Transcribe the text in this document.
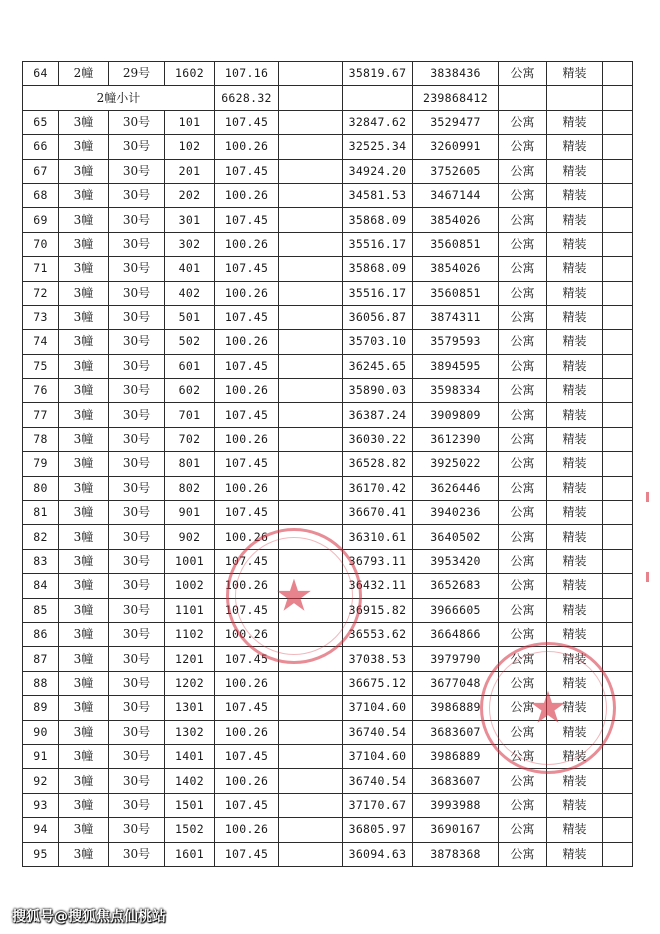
64	2幢	29号	1602	107.16		35819.67	3838436	公寓	精装	
2幢小计				6628.32			239868412			
65	3幢	30号	101	107.45		32847.62	3529477	公寓	精装	
66	3幢	30号	102	100.26		32525.34	3260991	公寓	精装	
67	3幢	30号	201	107.45		34924.20	3752605	公寓	精装	
68	3幢	30号	202	100.26		34581.53	3467144	公寓	精装	
69	3幢	30号	301	107.45		35868.09	3854026	公寓	精装	
70	3幢	30号	302	100.26		35516.17	3560851	公寓	精装	
71	3幢	30号	401	107.45		35868.09	3854026	公寓	精装	
72	3幢	30号	402	100.26		35516.17	3560851	公寓	精装	
73	3幢	30号	501	107.45		36056.87	3874311	公寓	精装	
74	3幢	30号	502	100.26		35703.10	3579593	公寓	精装	
75	3幢	30号	601	107.45		36245.65	3894595	公寓	精装	
76	3幢	30号	602	100.26		35890.03	3598334	公寓	精装	
77	3幢	30号	701	107.45		36387.24	3909809	公寓	精装	
78	3幢	30号	702	100.26		36030.22	3612390	公寓	精装	
79	3幢	30号	801	107.45		36528.82	3925022	公寓	精装	
80	3幢	30号	802	100.26		36170.42	3626446	公寓	精装	
81	3幢	30号	901	107.45		36670.41	3940236	公寓	精装	
82	3幢	30号	902	100.26		36310.61	3640502	公寓	精装	
83	3幢	30号	1001	107.45		36793.11	3953420	公寓	精装	
84	3幢	30号	1002	100.26		36432.11	3652683	公寓	精装	
85	3幢	30号	1101	107.45		36915.82	3966605	公寓	精装	
86	3幢	30号	1102	100.26		36553.62	3664866	公寓	精装	
87	3幢	30号	1201	107.45		37038.53	3979790	公寓	精装	
88	3幢	30号	1202	100.26		36675.12	3677048	公寓	精装	
89	3幢	30号	1301	107.45		37104.60	3986889	公寓	精装	
90	3幢	30号	1302	100.26		36740.54	3683607	公寓	精装	
91	3幢	30号	1401	107.45		37104.60	3986889	公寓	精装	
92	3幢	30号	1402	100.26		36740.54	3683607	公寓	精装	
93	3幢	30号	1501	107.45		37170.67	3993988	公寓	精装	
94	3幢	30号	1502	100.26		36805.97	3690167	公寓	精装	
95	3幢	30号	1601	107.45		36094.63	3878368	公寓	精装	
★
★
搜狐号@搜狐焦点仙桃站
